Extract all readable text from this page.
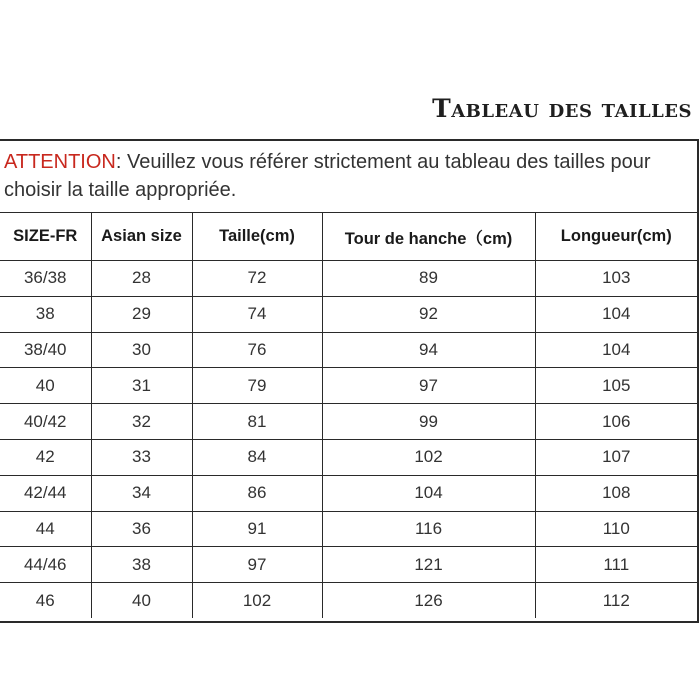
Tableau des tailles
ATTENTION: Veuillez vous référer strictement au tableau des tailles pour choisir la taille appropriée.
SIZE-FR	Asian size	Taille(cm)	Tour de hanche（cm)	Longueur(cm)
36/38	28	72	89	103
38	29	74	92	104
38/40	30	76	94	104
40	31	79	97	105
40/42	32	81	99	106
42	33	84	102	107
42/44	34	86	104	108
44	36	91	116	110
44/46	38	97	121	111
46	40	102	126	112
